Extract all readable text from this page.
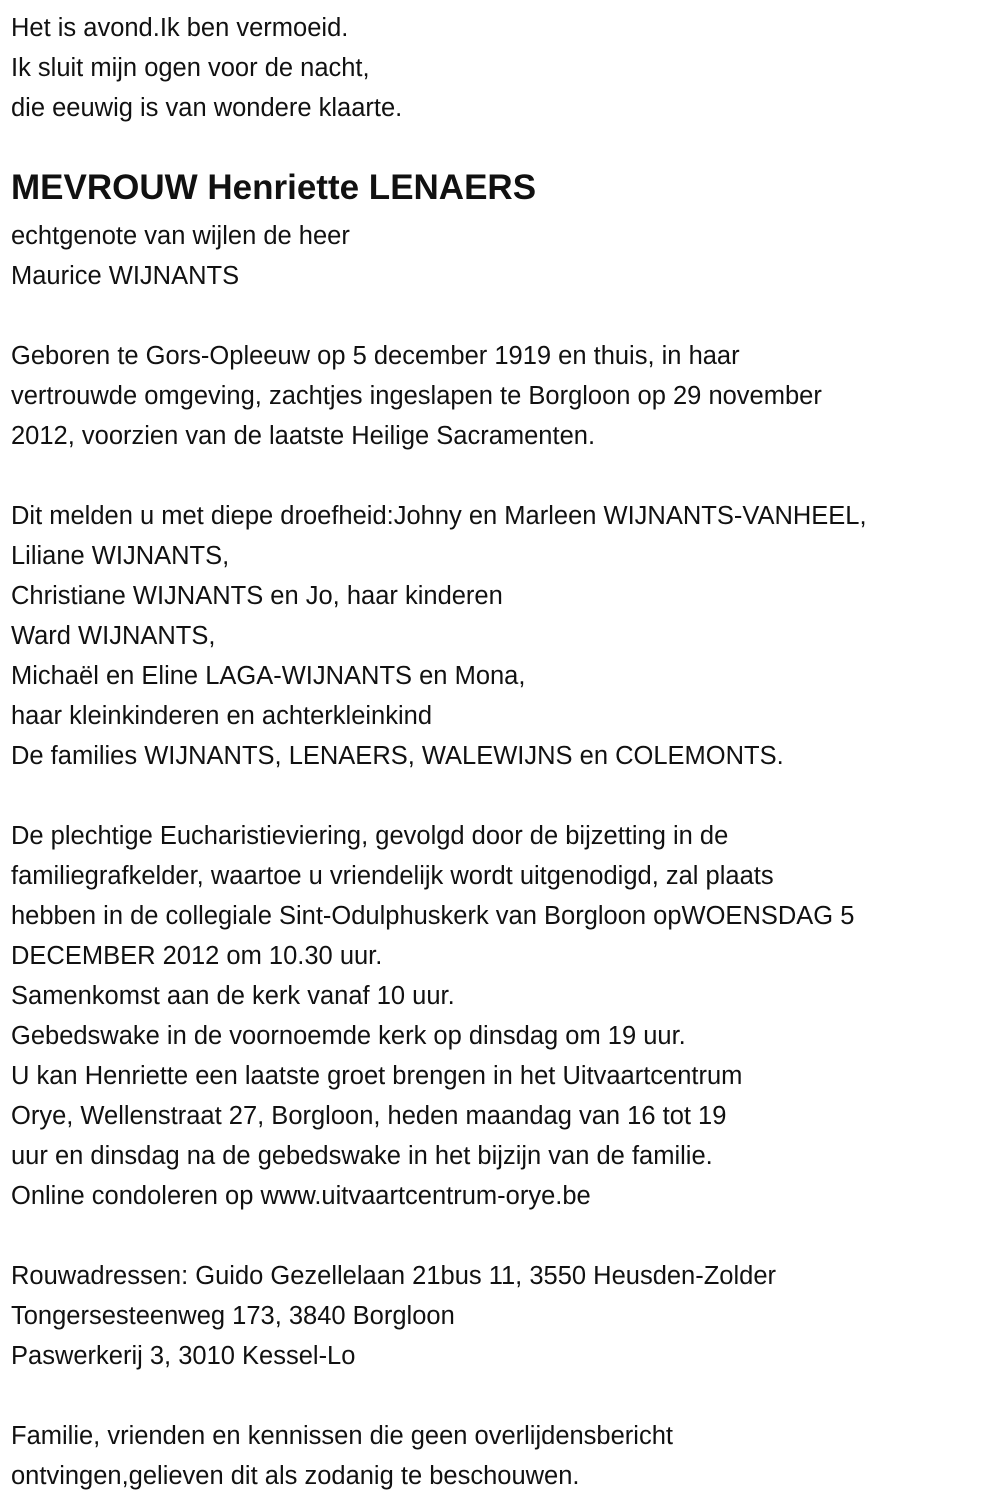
Het is avond.Ik ben vermoeid.
Ik sluit mijn ogen voor de nacht,
die eeuwig is van wondere klaarte.
MEVROUW Henriette LENAERS
echtgenote van wijlen de heer
Maurice WIJNANTS
Geboren te Gors-Opleeuw op 5 december 1919 en thuis, in haar
vertrouwde omgeving, zachtjes ingeslapen te Borgloon op 29 november
2012, voorzien van de laatste Heilige Sacramenten.
Dit melden u met diepe droefheid:Johny en Marleen WIJNANTS-VANHEEL,
Liliane WIJNANTS,
Christiane WIJNANTS en Jo, haar kinderen
Ward WIJNANTS,
Michaël en Eline LAGA-WIJNANTS en Mona,
haar kleinkinderen en achterkleinkind
De families WIJNANTS, LENAERS, WALEWIJNS en COLEMONTS.
De plechtige Eucharistieviering, gevolgd door de bijzetting in de
familiegrafkelder, waartoe u vriendelijk wordt uitgenodigd, zal plaats
hebben in de collegiale Sint-Odulphuskerk van Borgloon opWOENSDAG 5
DECEMBER 2012 om 10.30 uur.
Samenkomst aan de kerk vanaf 10 uur.
Gebedswake in de voornoemde kerk op dinsdag om 19 uur.
U kan Henriette een laatste groet brengen in het Uitvaartcentrum
Orye, Wellenstraat 27, Borgloon, heden maandag van 16 tot 19
uur en dinsdag na de gebedswake in het bijzijn van de familie.
Online condoleren op www.uitvaartcentrum-orye.be
Rouwadressen: Guido Gezellelaan 21bus 11, 3550 Heusden-Zolder
Tongersesteenweg 173, 3840 Borgloon
Paswerkerij 3, 3010 Kessel-Lo
Familie, vrienden en kennissen die geen overlijdensbericht
ontvingen,gelieven dit als zodanig te beschouwen.
